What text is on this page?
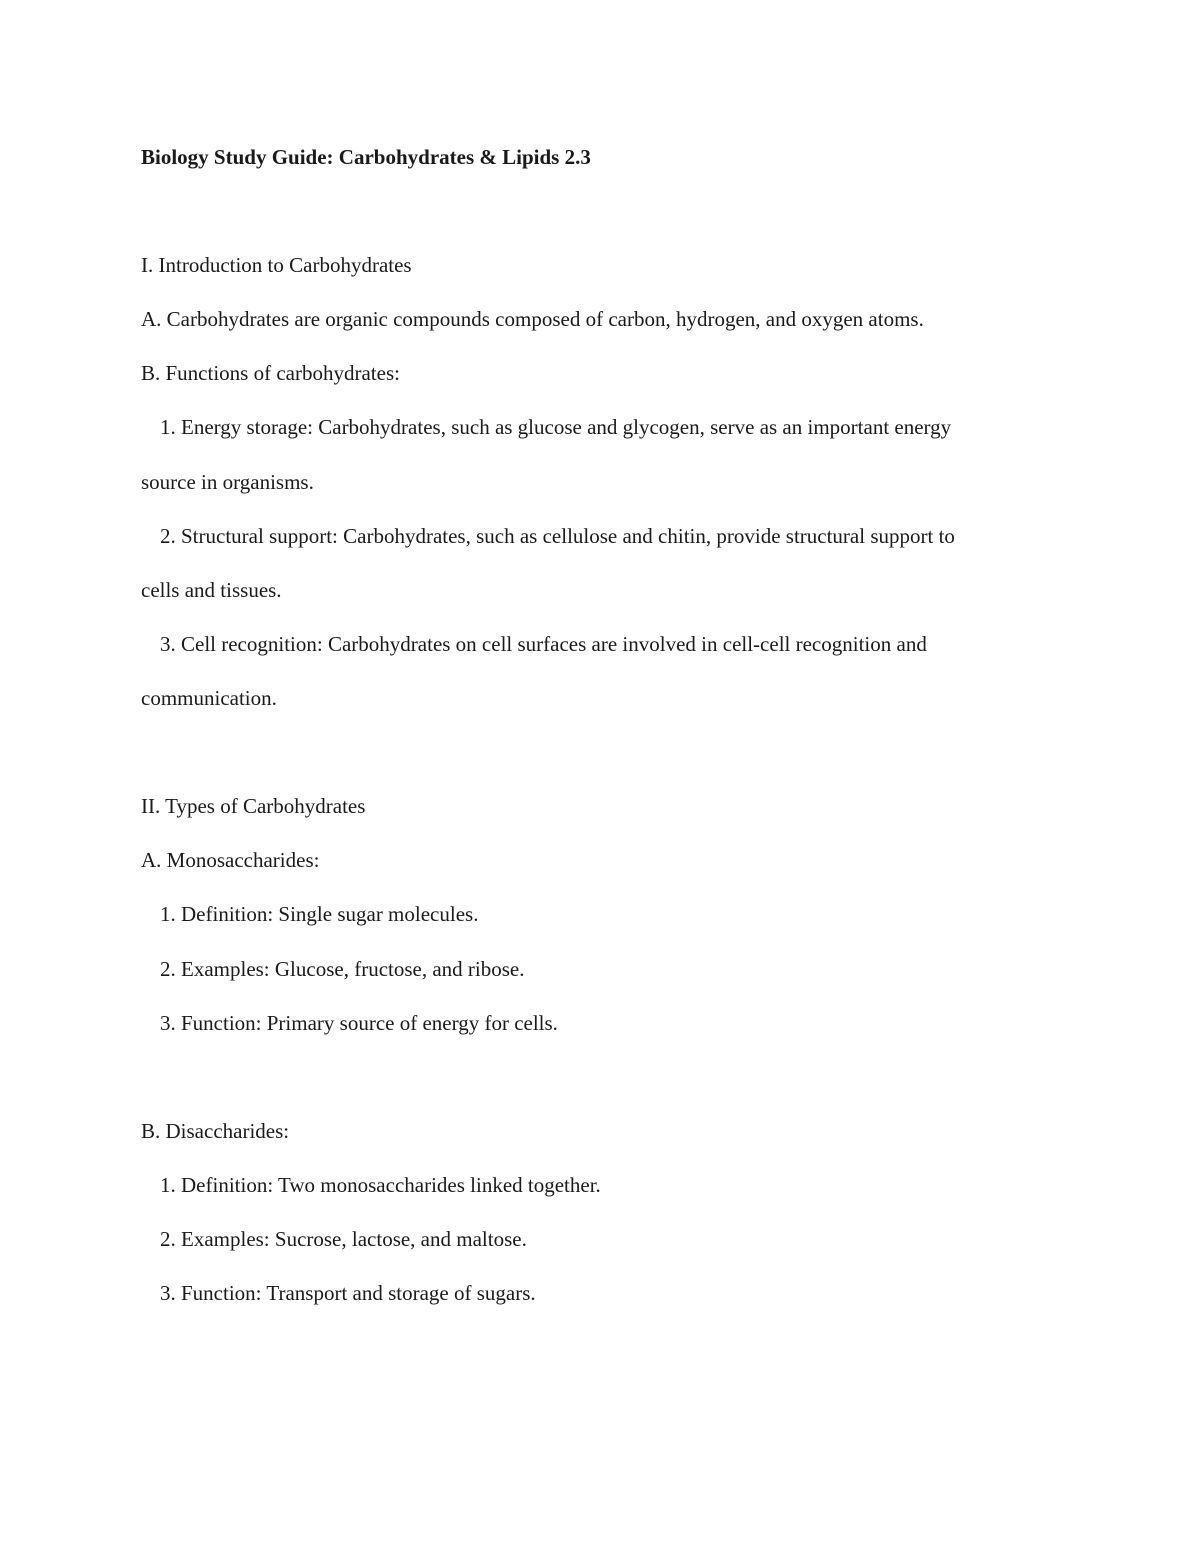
Biology Study Guide: Carbohydrates & Lipids 2.3
I. Introduction to Carbohydrates
A. Carbohydrates are organic compounds composed of carbon, hydrogen, and oxygen atoms.
B. Functions of carbohydrates:
1. Energy storage: Carbohydrates, such as glucose and glycogen, serve as an important energy
source in organisms.
2. Structural support: Carbohydrates, such as cellulose and chitin, provide structural support to
cells and tissues.
3. Cell recognition: Carbohydrates on cell surfaces are involved in cell-cell recognition and
communication.
II. Types of Carbohydrates
A. Monosaccharides:
1. Definition: Single sugar molecules.
2. Examples: Glucose, fructose, and ribose.
3. Function: Primary source of energy for cells.
B. Disaccharides:
1. Definition: Two monosaccharides linked together.
2. Examples: Sucrose, lactose, and maltose.
3. Function: Transport and storage of sugars.
